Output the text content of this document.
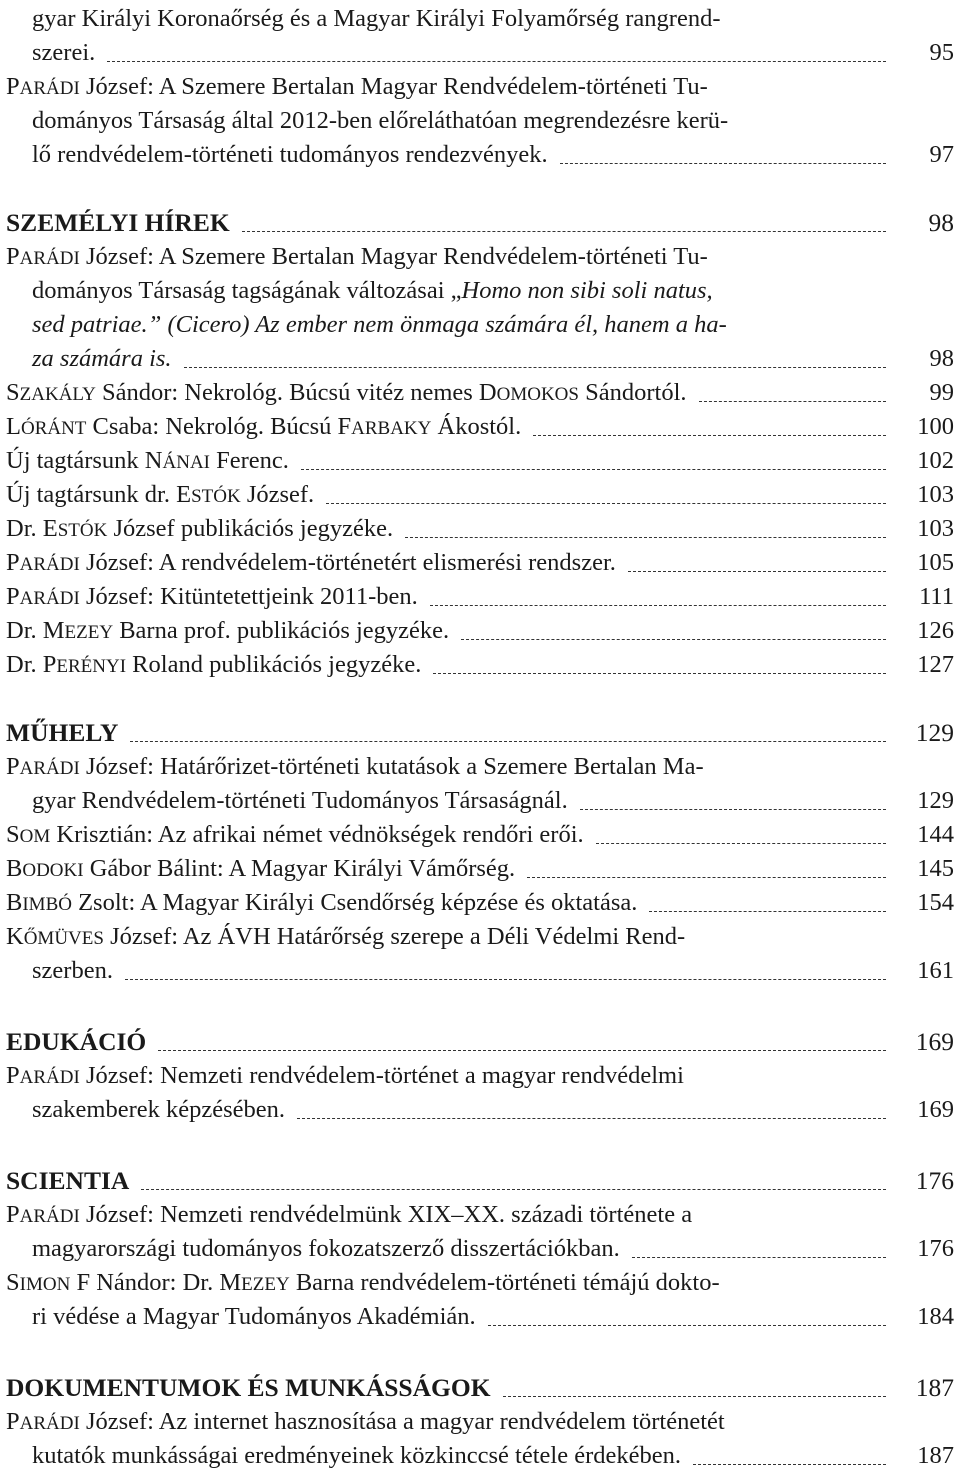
gyar Királyi Koronaőrség és a Magyar Királyi Folyamőrség rangrend-
szerei.	95
PARÁDI József: A Szemere Bertalan Magyar Rendvédelem-történeti Tu-
dományos Társaság által 2012-ben előreláthatóan megrendezésre kerü-
lő rendvédelem-történeti tudományos rendezvények.	97
SZEMÉLYI HÍREK	98
PARÁDI József: A Szemere Bertalan Magyar Rendvédelem-történeti Tu-
dományos Társaság tagságának változásai „Homo non sibi soli natus,
sed patriae.” (Cicero) Az ember nem önmaga számára él, hanem a ha-
za számára is.	98
SZAKÁLY Sándor: Nekrológ. Búcsú vitéz nemes DOMOKOS Sándortól.	99
LÓRÁNT Csaba: Nekrológ. Búcsú FARBAKY Ákostól.	100
Új tagtársunk NÁNAI Ferenc.	102
Új tagtársunk dr. ESTÓK József.	103
Dr. ESTÓK József publikációs jegyzéke.	103
PARÁDI József: A rendvédelem-történetért elismerési rendszer.	105
PARÁDI József: Kitüntetettjeink 2011-ben.	111
Dr. MEZEY Barna prof. publikációs jegyzéke.	126
Dr. PERÉNYI Roland publikációs jegyzéke.	127
MŰHELY	129
PARÁDI József: Határőrizet-történeti kutatások a Szemere Bertalan Ma-
gyar Rendvédelem-történeti Tudományos Társaságnál.	129
SOM Krisztián: Az afrikai német védnökségek rendőri erői.	144
BODOKI Gábor Bálint: A Magyar Királyi Vámőrség.	145
BIMBÓ Zsolt: A Magyar Királyi Csendőrség képzése és oktatása.	154
KŐMÜVES József: Az ÁVH Határőrség szerepe a Déli Védelmi Rend-
szerben.	161
EDUKÁCIÓ	169
PARÁDI József: Nemzeti rendvédelem-történet a magyar rendvédelmi
szakemberek képzésében.	169
SCIENTIA	176
PARÁDI József: Nemzeti rendvédelmünk XIX–XX. századi története a
magyarországi tudományos fokozatszerző disszertációkban.	176
SIMON F Nándor: Dr. MEZEY Barna rendvédelem-történeti témájú dokto-
ri védése a Magyar Tudományos Akadémián.	184
DOKUMENTUMOK ÉS MUNKÁSSÁGOK	187
PARÁDI József: Az internet hasznosítása a magyar rendvédelem történetét
kutatók munkásságai eredményeinek közkinccsé tétele érdekében.	187
